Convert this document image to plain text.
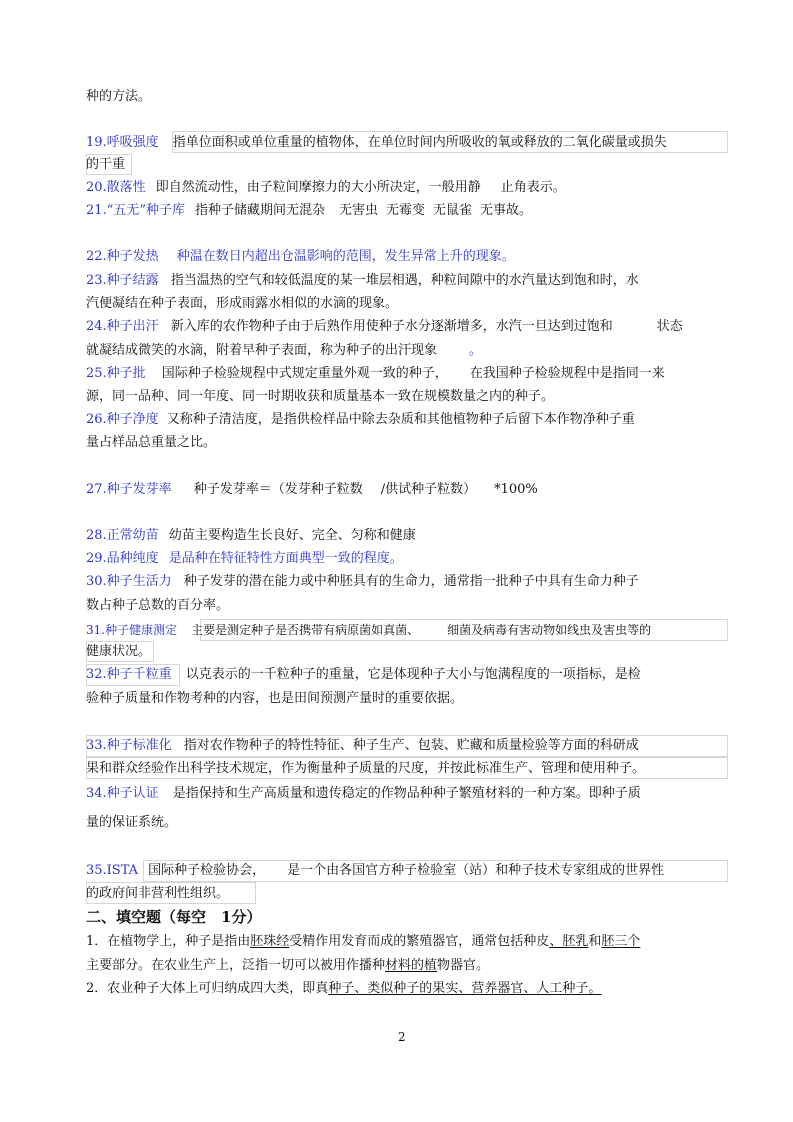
种的方法。
19.呼吸强度 指单位面积或单位重量的植物体，在单位时间内所吸收的氧或释放的二氧化碳量或损失
的干重
20.散落性 即自然流动性，由子粒间摩擦力的大小所决定，一般用静 止角表示。
21.“五无”种子库 指种子储藏期间无混杂 无害虫 无霉变 无鼠雀 无事故。
22.种子发热 种温在数日内超出仓温影响的范围，发生异常上升的现象。
23.种子结露 指当温热的空气和较低温度的某一堆层相遇，种粒间隙中的水汽量达到饱和时，水
汽便凝结在种子表面，形成雨露水相似的水滴的现象。
24.种子出汗 新入库的农作物种子由于后熟作用使种子水分逐渐增多，水汽一旦达到过饱和	状态
就凝结成微笑的水滴，附着早种子表面，称为种子的出汗现象 。
25.种子批 国际种子检验规程中式规定重量外观一致的种子， 在我国种子检验规程中是指同一来
源，同一品种、同一年度、同一时期收获和质量基本一致在规模数量之内的种子。
26.种子净度 又称种子清洁度，是指供检样品中除去杂质和其他植物种子后留下本作物净种子重
量占样品总重量之比。
27.种子发芽率 种子发芽率＝（发芽种子粒数 /供试种子粒数） *100%
28.正常幼苗 幼苗主要构造生长良好、完全、匀称和健康
29.品种纯度 是品种在特征特性方面典型一致的程度。
30.种子生活力 种子发芽的潜在能力或中种胚具有的生命力，通常指一批种子中具有生命力种子
数占种子总数的百分率。
31.种子健康测定 主要是测定种子是否携带有病原菌如真菌、 细菌及病毒有害动物如线虫及害虫等的
健康状况。
32.种子千粒重 以克表示的一千粒种子的重量，它是体现种子大小与饱满程度的一项指标，是检
验种子质量和作物考种的内容，也是田间预测产量时的重要依据。
33.种子标准化 指对农作物种子的特性特征、种子生产、包装、贮藏和质量检验等方面的科研成
果和群众经验作出科学技术规定，作为衡量种子质量的尺度，并按此标准生产、管理和使用种子。
34.种子认证 是指保持和生产高质量和遗传稳定的作物品种种子繁殖材料的一种方案。即种子质
量的保证系统。
35.ISTA 国际种子检验协会， 是一个由各国官方种子检验室（站）和种子技术专家组成的世界性
的政府间非营利性组织。
二、填空题（每空　1分）
1．在植物学上，种子是指由胚珠经受精作用发育而成的繁殖器官，通常包括种皮、胚乳和胚三个
主要部分。在农业生产上，泛指一切可以被用作播种材料的植物器官。
2．农业种子大体上可归纳成四大类，即真种子、类似种子的果实、营养器官、人工种子。
2
